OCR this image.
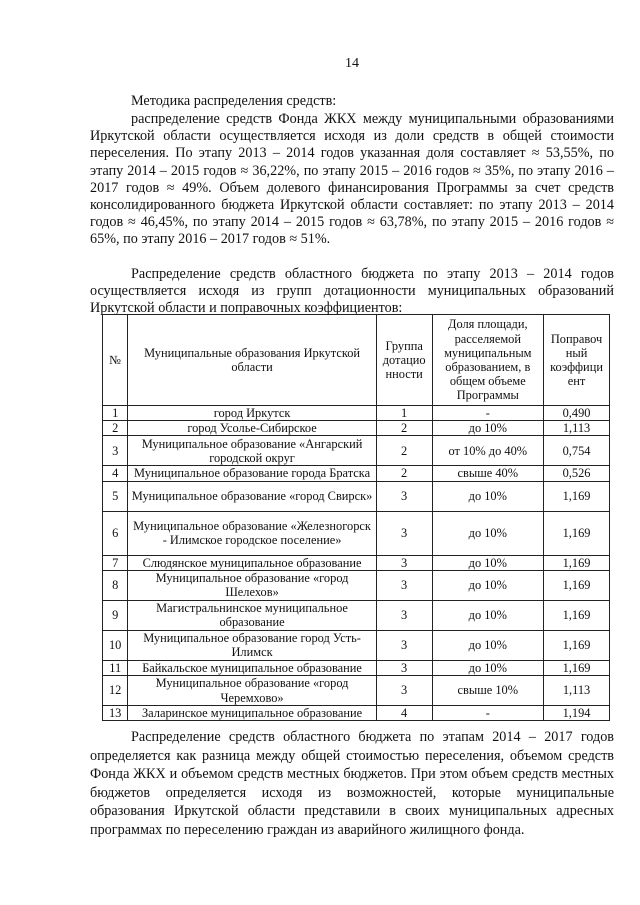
14
Методика распределения средств:

распределение средств Фонда ЖКХ между муниципальными образованиями Иркутской области осуществляется исходя из доли средств в общей стоимости переселения. По этапу 2013 – 2014 годов указанная доля составляет ≈ 53,55%, по этапу 2014 – 2015 годов ≈ 36,22%, по этапу 2015 – 2016 годов ≈ 35%, по этапу 2016 – 2017 годов ≈ 49%. Объем долевого финансирования Программы за счет средств консолидированного бюджета Иркутской области составляет: по этапу 2013 – 2014 годов ≈ 46,45%, по этапу 2014 – 2015 годов ≈ 63,78%, по этапу 2015 – 2016 годов ≈ 65%, по этапу 2016 – 2017 годов ≈ 51%.

Распределение средств областного бюджета по этапу 2013 – 2014 годов осуществляется исходя из групп дотационности муниципальных образований Иркутской области и поправочных коэффициентов:

№	Муниципальные образования Иркутской области	Группа дотацио нности	Доля площади, расселяемой муниципальным образованием, в общем объеме Программы	Поправоч ный коэффици ент
1	город Иркутск	1	-	0,490
2	город Усолье-Сибирское	2	до 10%	1,113
3	Муниципальное образование «Ангарский городской округ	2	от 10% до 40%	0,754
4	Муниципальное образование города Братска	2	свыше 40%	0,526
5	Муниципальное образование «город Свирск»	3	до 10%	1,169
6	Муниципальное образование «Железногорск - Илимское городское поселение»	3	до 10%	1,169
7	Слюдянское муниципальное образование	3	до 10%	1,169
8	Муниципальное образование «город Шелехов»	3	до 10%	1,169
9	Магистральнинское муниципальное образование	3	до 10%	1,169
10	Муниципальное образование город Усть-Илимск	3	до 10%	1,169
11	Байкальское муниципальное образование	3	до 10%	1,169
12	Муниципальное образование «город Черемхово»	3	свыше 10%	1,113
13	Заларинское муниципальное образование	4	-	1,194

Распределение средств областного бюджета по этапам 2014 – 2017 годов определяется как разница между общей стоимостью переселения, объемом средств Фонда ЖКХ и объемом средств местных бюджетов. При этом объем средств местных бюджетов определяется исходя из возможностей, которые муниципальные образования Иркутской области представили в своих муниципальных адресных программах по переселению граждан из аварийного жилищного фонда.
